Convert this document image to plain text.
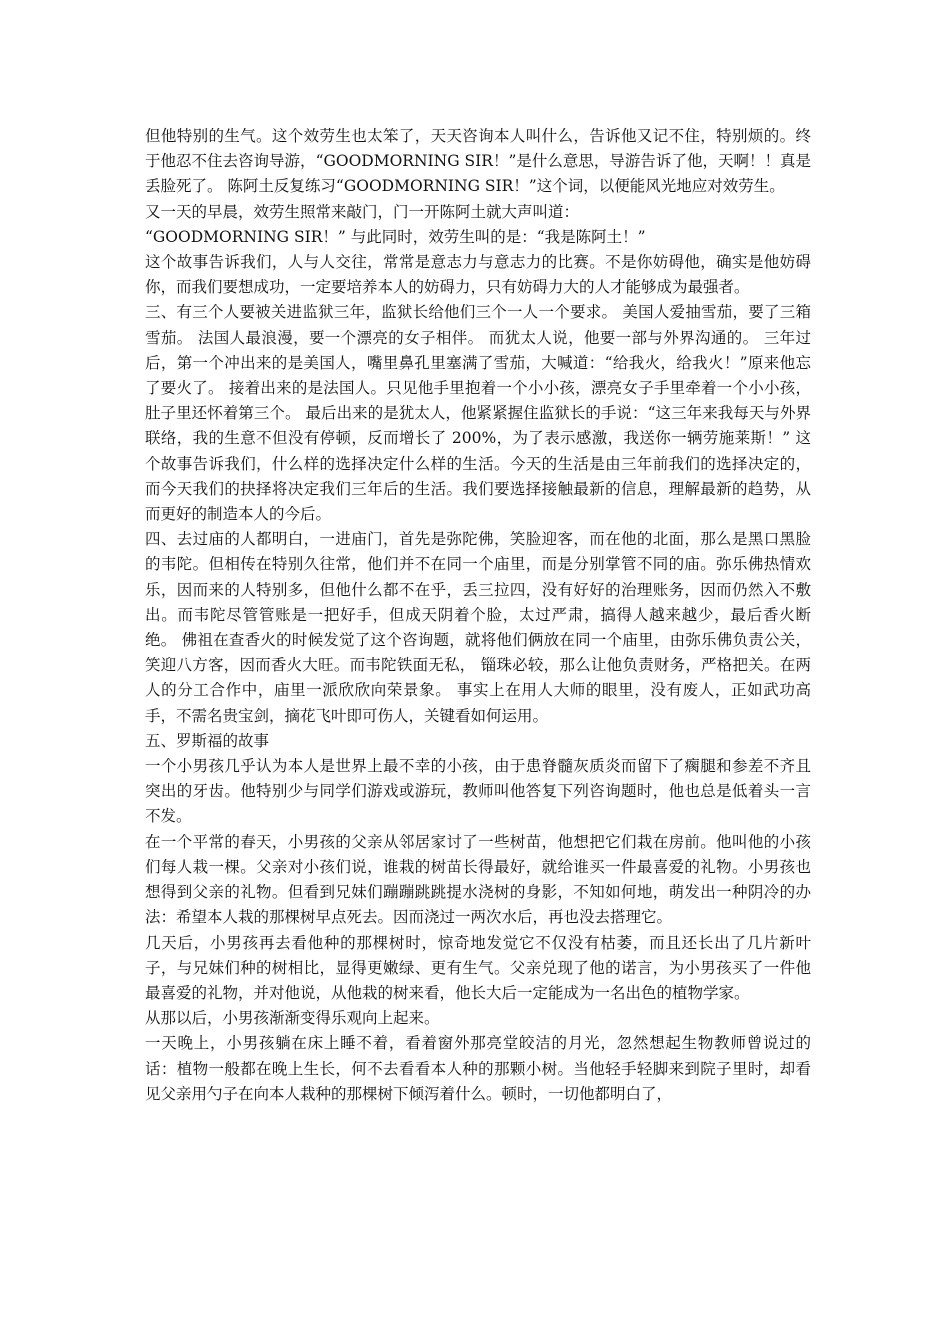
但他特别的生气。这个效劳生也太笨了，天天咨询本人叫什么，告诉他又记不住，特别烦的。终于他忍不住去咨询导游，“GOODMORNING SIR！”是什么意思，导游告诉了他，天啊！！真是丢脸死了。 陈阿土反复练习“GOODMORNING SIR！”这个词，以便能风光地应对效劳生。

又一天的早晨，效劳生照常来敲门，门一开陈阿土就大声叫道：

“GOODMORNING SIR！” 与此同时，效劳生叫的是：“我是陈阿土！”

这个故事告诉我们，人与人交往，常常是意志力与意志力的比赛。不是你妨碍他，确实是他妨碍你，而我们要想成功，一定要培养本人的妨碍力，只有妨碍力大的人才能够成为最强者。

三、有三个人要被关进监狱三年，监狱长给他们三个一人一个要求。 美国人爱抽雪茄，要了三箱雪茄。 法国人最浪漫，要一个漂亮的女子相伴。 而犹太人说，他要一部与外界沟通的。 三年过后，第一个冲出来的是美国人，嘴里鼻孔里塞满了雪茄，大喊道：“给我火，给我火！”原来他忘了要火了。 接着出来的是法国人。只见他手里抱着一个小小孩，漂亮女子手里牵着一个小小孩，肚子里还怀着第三个。 最后出来的是犹太人，他紧紧握住监狱长的手说：“这三年来我每天与外界联络，我的生意不但没有停顿，反而增长了 200%，为了表示感激，我送你一辆劳施莱斯！” 这个故事告诉我们，什么样的选择决定什么样的生活。今天的生活是由三年前我们的选择决定的，而今天我们的抉择将决定我们三年后的生活。我们要选择接触最新的信息，理解最新的趋势，从而更好的制造本人的今后。

四、去过庙的人都明白，一进庙门，首先是弥陀佛，笑脸迎客，而在他的北面，那么是黑口黑脸的韦陀。但相传在特别久往常，他们并不在同一个庙里，而是分别掌管不同的庙。弥乐佛热情欢乐，因而来的人特别多，但他什么都不在乎，丢三拉四，没有好好的治理账务，因而仍然入不敷出。而韦陀尽管管账是一把好手，但成天阴着个脸，太过严肃，搞得人越来越少，最后香火断绝。 佛祖在查香火的时候发觉了这个咨询题，就将他们俩放在同一个庙里，由弥乐佛负责公关，笑迎八方客，因而香火大旺。而韦陀铁面无私， 锱珠必较，那么让他负责财务，严格把关。在两人的分工合作中，庙里一派欣欣向荣景象。 事实上在用人大师的眼里，没有废人，正如武功高手，不需名贵宝剑，摘花飞叶即可伤人，关键看如何运用。

五、罗斯福的故事

一个小男孩几乎认为本人是世界上最不幸的小孩，由于患脊髓灰质炎而留下了瘸腿和参差不齐且突出的牙齿。他特别少与同学们游戏或游玩，教师叫他答复下列咨询题时，他也总是低着头一言不发。

在一个平常的春天，小男孩的父亲从邻居家讨了一些树苗，他想把它们栽在房前。他叫他的小孩们每人栽一棵。父亲对小孩们说，谁栽的树苗长得最好，就给谁买一件最喜爱的礼物。小男孩也想得到父亲的礼物。但看到兄妹们蹦蹦跳跳提水浇树的身影，不知如何地，萌发出一种阴冷的办法：希望本人栽的那棵树早点死去。因而浇过一两次水后，再也没去搭理它。

几天后，小男孩再去看他种的那棵树时，惊奇地发觉它不仅没有枯萎，而且还长出了几片新叶子，与兄妹们种的树相比，显得更嫩绿、更有生气。父亲兑现了他的诺言，为小男孩买了一件他最喜爱的礼物，并对他说，从他栽的树来看，他长大后一定能成为一名出色的植物学家。

从那以后，小男孩渐渐变得乐观向上起来。

一天晚上，小男孩躺在床上睡不着，看着窗外那亮堂皎洁的月光，忽然想起生物教师曾说过的话：植物一般都在晚上生长，何不去看看本人种的那颗小树。当他轻手轻脚来到院子里时，却看见父亲用勺子在向本人栽种的那棵树下倾泻着什么。顿时，一切他都明白了，
